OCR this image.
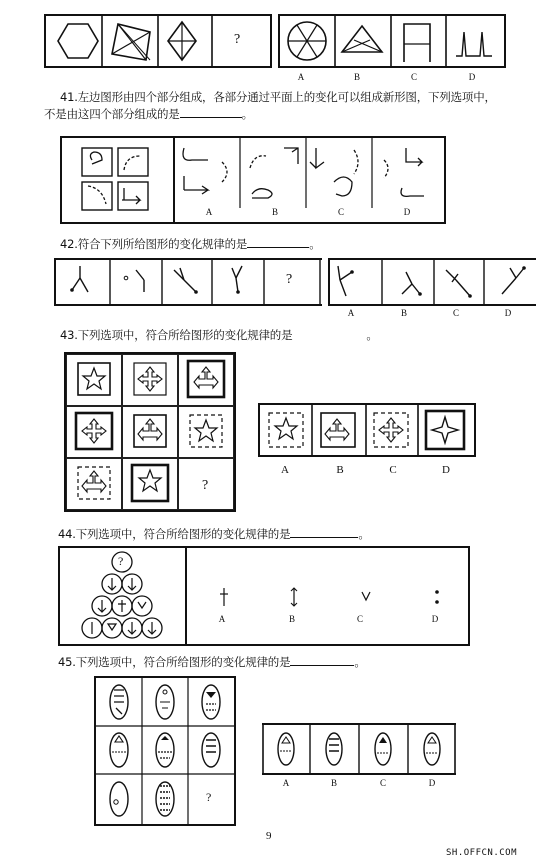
?
A	B	C	D
41.左边图形由四个部分组成，各部分通过平面上的变化可以组成新形图，下列选项中，
不是由这四个部分组成的是	。
A	B	C	D
42.符合下列所给图形的变化规律的是	。
?
A	B	C	D
43.下列选项中，符合所给图形的变化规律的是	。
?
A	B	C	D
44.下列选项中，符合所给图形的变化规律的是	。
?
A	B	C	D
45.下列选项中，符合所给图形的变化规律的是	。
?
A	B	C	D
9
SH.OFFCN.COM
